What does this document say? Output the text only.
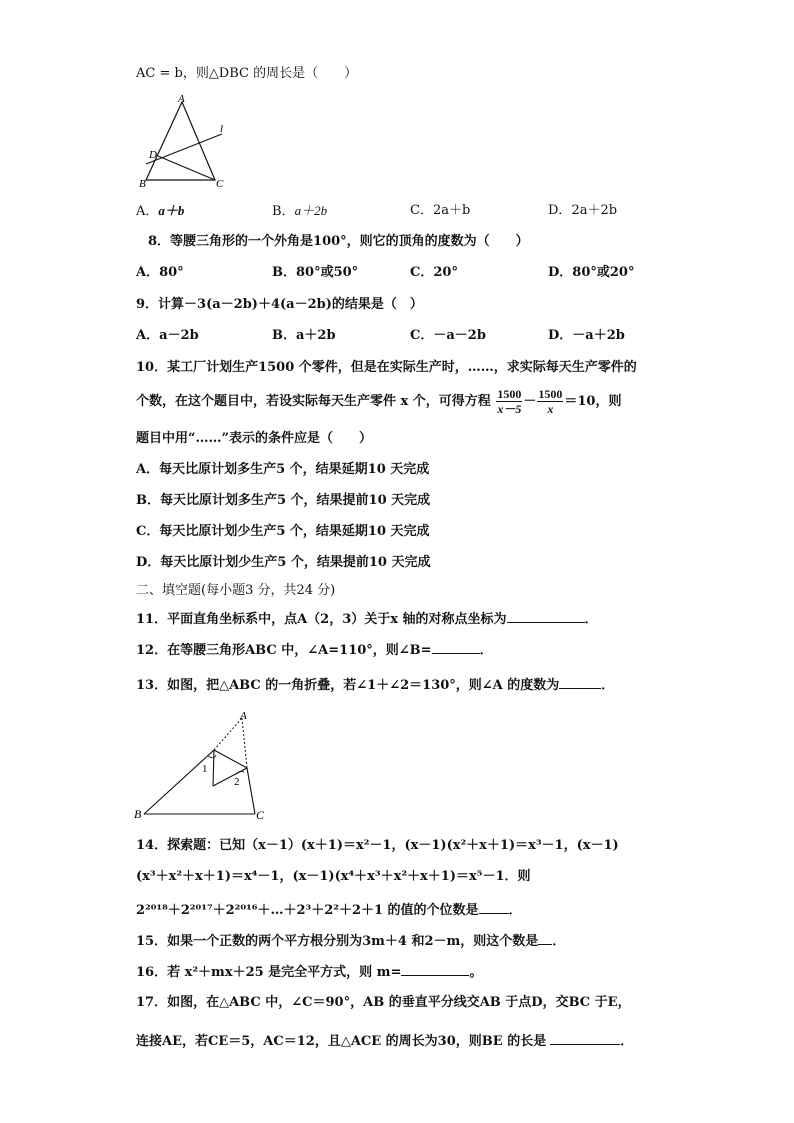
AC = b，则△DBC 的周长是（　　）
A
D
B	C
l
A．a＋b	B．a＋2b	C．2a＋b	D．2a＋2b
8．等腰三角形的一个外角是100°，则它的顶角的度数为（　　）
A．80°	B．80°或50°	C．20°	D．80°或20°
9．计算－3(a－2b)＋4(a－2b)的结果是（　）
A．a－2b	B．a＋2b	C．－a－2b	D．－a＋2b
10．某工厂计划生产1500 个零件，但是在实际生产时，……，求实际每天生产零件的
个数，在这个题目中，若设实际每天生产零件 x 个，可得方程 $\frac{1500}{x-5} - \frac{1500}{x} =10$，则
题目中用“……”表示的条件应是（　　）
A．每天比原计划多生产5 个，结果延期10 天完成
B．每天比原计划多生产5 个，结果提前10 天完成
C．每天比原计划少生产5 个，结果延期10 天完成
D．每天比原计划少生产5 个，结果提前10 天完成
二、填空题(每小题3 分，共24 分)
11．平面直角坐标系中，点A（2，3）关于x 轴的对称点坐标为	．
12．在等腰三角形ABC 中，∠A=110°，则∠B=	．
13．如图，把△ABC 的一角折叠，若∠1＋∠2＝130°，则∠A 的度数为	．
A
B	C
1
2
14．探索题：已知（x－1）(x＋1)＝x²－1，(x－1)(x²＋x＋1)＝x³－1，(x－1)
(x³＋x²＋x＋1)＝x⁴－1，(x－1)(x⁴＋x³＋x²＋x＋1)＝x⁵－1．则
2²⁰¹⁸＋2²⁰¹⁷＋2²⁰¹⁶＋…＋2³＋2²＋2＋1 的值的个位数是 ．
15．如果一个正数的两个平方根分别为3m＋4 和2－m，则这个数是 ．
16．若 x²＋mx＋25 是完全平方式，则 m=	。
17．如图，在△ABC 中，∠C＝90°，AB 的垂直平分线交AB 于点D，交BC 于E，
连接AE，若CE＝5，AC＝12，且△ACE 的周长为30，则BE 的长是	．
